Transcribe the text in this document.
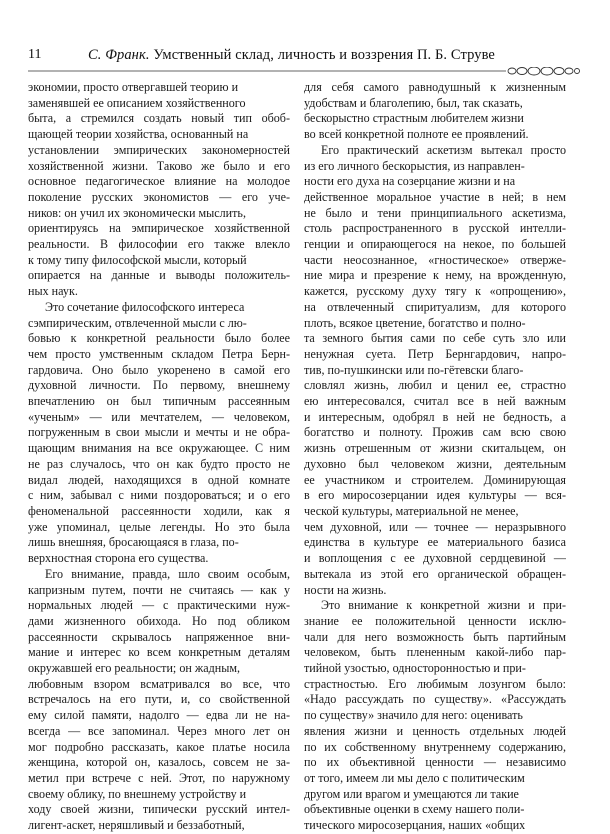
11	С. Франк. Умственный склад, личность и воззрения П. Б. Струве

экономии, просто отвергавшей теорию и
заменявшей ее описанием хозяйственного
быта, а стремился создать новый тип обоб-
щающей теории хозяйства, основанный на
установлении эмпирических закономерностей
хозяйственной жизни. Таково же было и его
основное педагогическое влияние на молодое
поколение русских экономистов — его уче-
ников: он учил их экономически мыслить,
ориентируясь на эмпирическое хозяйственной
реальности. В философии его также влекло
к тому типу философской мысли, который
опирается на данные и выводы положитель-
ных наук.

Это сочетание философского интереса
сэмпирическим, отвлеченной мысли с лю-
бовью к конкретной реальности было более
чем просто умственным складом Петра Берн-
гардовича. Оно было укоренено в самой его
духовной личности. По первому, внешнему
впечатлению он был типичным рассеянным
«ученым» — или мечтателем, — человеком,
погруженным в свои мысли и мечты и не обра-
щающим внимания на все окружающее. С ним
не раз случалось, что он как будто просто не
видал людей, находящихся в одной комнате
с ним, забывал с ними поздороваться; и о его
феноменальной рассеянности ходили, как я
уже упоминал, целые легенды. Но это была
лишь внешняя, бросающаяся в глаза, по-
верхностная сторона его существа.

Его внимание, правда, шло своим особым,
капризным путем, почти не считаясь — как у
нормальных людей — с практическими нуж-
дами жизненного обихода. Но под обликом
рассеянности скрывалось напряженное вни-
мание и интерес ко всем конкретным деталям
окружавшей его реальности; он жадным,
любовным взором всматривался во все, что
встречалось на его пути, и, со свойственной
ему силой памяти, надолго — едва ли не на-
всегда — все запоминал. Через много лет он
мог подробно рассказать, какое платье носила
женщина, которой он, казалось, совсем не за-
метил при встрече с ней. Этот, по наружному
своему облику, по внешнему устройству и
ходу своей жизни, типически русский интел-
лигент-аскет, неряшливый и беззаботный,

для себя самого равнодушный к жизненным
удобствам и благолепию, был, так сказать,
бескорыстно страстным любителем жизни
во всей конкретной полноте ее проявлений.

Его практический аскетизм вытекал просто
из его личного бескорыстия, из направлен-
ности его духа на созерцание жизни и на
действенное моральное участие в ней; в нем
не было и тени принципиального аскетизма,
столь распространенного в русской интелли-
генции и опирающегося на некое, по большей
части неосознанное, «гностическое» отверже-
ние мира и презрение к нему, на врожденную,
кажется, русскому духу тягу к «опрощению»,
на отвлеченный спиритуализм, для которого
плоть, всякое цветение, богатство и полно-
та земного бытия сами по себе суть зло или
ненужная суета. Петр Бернгардович, напро-
тив, по-пушкински или по-гётевски благо-
словлял жизнь, любил и ценил ее, страстно
ею интересовался, считал все в ней важным
и интересным, одобрял в ней не бедность, а
богатство и полноту. Прожив сам всю свою
жизнь отрешенным от жизни скитальцем, он
духовно был человеком жизни, деятельным
ее участником и строителем. Доминирующая
в его миросозерцании идея культуры — вся-
ческой культуры, материальной не менее,
чем духовной, или — точнее — неразрывного
единства в культуре ее материального базиса
и воплощения с ее духовной сердцевиной —
вытекала из этой его органической обращен-
ности на жизнь.

Это внимание к конкретной жизни и при-
знание ее положительной ценности исклю-
чали для него возможность быть партийным
человеком, быть плененным какой-либо пар-
тийной узостью, односторонностью и при-
страстностью. Его любимым лозунгом было:
«Надо рассуждать по существу». «Рассуждать
по существу» значило для него: оценивать
явления жизни и ценность отдельных людей
по их собственному внутреннему содержанию,
по их объективной ценности — независимо
от того, имеем ли мы дело с политическим
другом или врагом и умещаются ли такие
объективные оценки в схему нашего поли-
тического миросозерцания, наших «общих
